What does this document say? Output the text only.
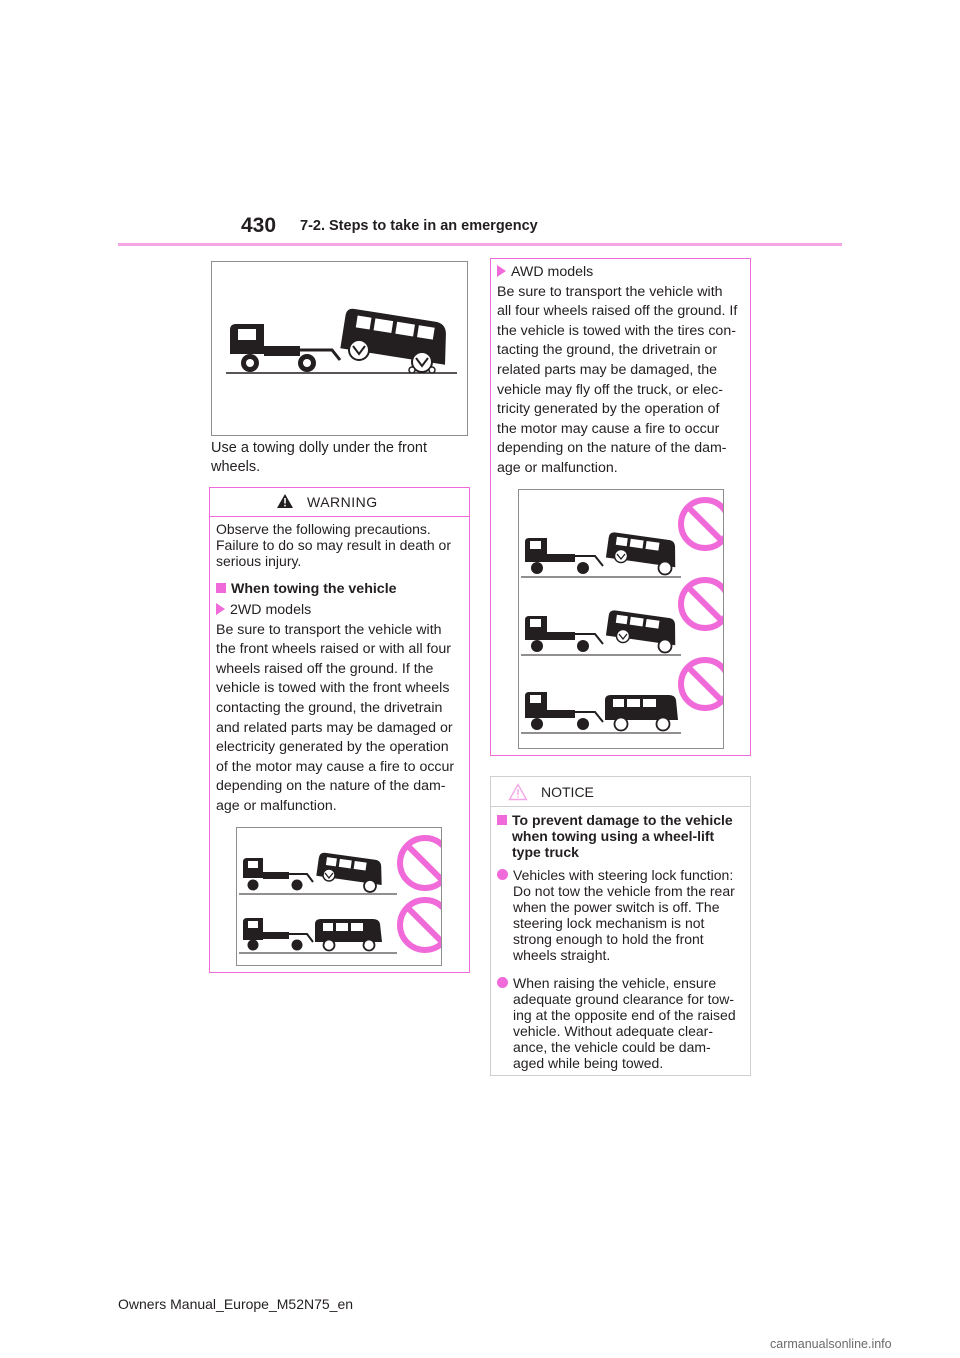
430 7-2. Steps to take in an emergency
Use a towing dolly under the front
wheels.
WARNING

Observe the following precautions.

Failure to do so may result in death or

serious injury.

When towing the vehicle

2WD models

Be sure to transport the vehicle with

the front wheels raised or with all four

wheels raised off the ground. If the

vehicle is towed with the front wheels

contacting the ground, the drivetrain

and related parts may be damaged or

electricity generated by the operation

of the motor may cause a fire to occur

depending on the nature of the dam-

age or malfunction.

AWD models

Be sure to transport the vehicle with

all four wheels raised off the ground. If

the vehicle is towed with the tires con-

tacting the ground, the drivetrain or

related parts may be damaged, the

vehicle may fly off the truck, or elec-

tricity generated by the operation of

the motor may cause a fire to occur

depending on the nature of the dam-

age or malfunction.

NOTICE

To prevent damage to the vehicle

when towing using a wheel-lift

type truck

Vehicles with steering lock function:

Do not tow the vehicle from the rear

when the power switch is off. The

steering lock mechanism is not

strong enough to hold the front

wheels straight.

When raising the vehicle, ensure

adequate ground clearance for tow-

ing at the opposite end of the raised

vehicle. Without adequate clear-

ance, the vehicle could be dam-

aged while being towed.

Owners Manual_Europe_M52N75_en
carmanualsonline.info
